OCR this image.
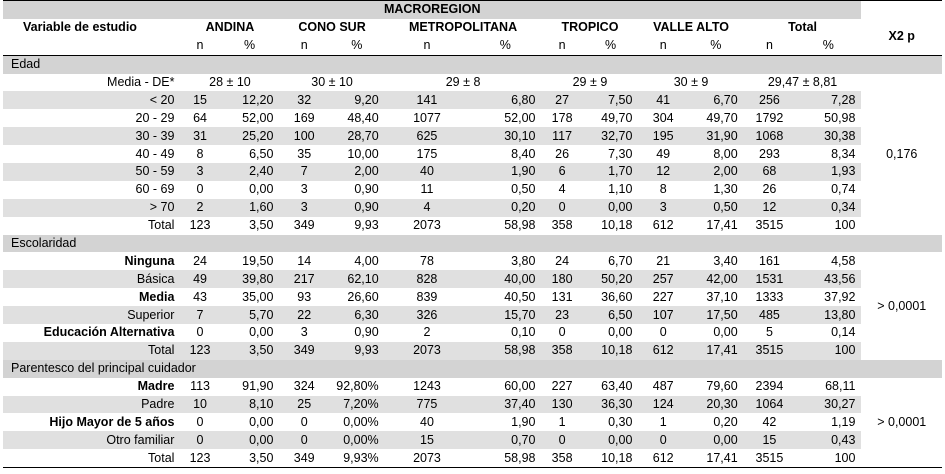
MACROREGION													
Variable de estudio	ANDINA		CONO SUR		METROPOLITANA		TROPICO		VALLE ALTO		Total		X2 p
	n	%	n	%	n	%	n	%	n	%	n	%	
Edad													
Media - DE*	28 ± 10		30 ± 10		29 ± 8		29 ± 9		30 ± 9		29,47 ± 8,81		0,176
< 20	15	12,20	32	9,20	141	6,80	27	7,50	41	6,70	256	7,28	
20 - 29	64	52,00	169	48,40	1077	52,00	178	49,70	304	49,70	1792	50,98	
30 - 39	31	25,20	100	28,70	625	30,10	117	32,70	195	31,90	1068	30,38	
40 - 49	8	6,50	35	10,00	175	8,40	26	7,30	49	8,00	293	8,34	
50 - 59	3	2,40	7	2,00	40	1,90	6	1,70	12	2,00	68	1,93	
60 - 69	0	0,00	3	0,90	11	0,50	4	1,10	8	1,30	26	0,74	
> 70	2	1,60	3	0,90	4	0,20	0	0,00	3	0,50	12	0,34	
Total	123	3,50	349	9,93	2073	58,98	358	10,18	612	17,41	3515	100	
Escolaridad													
Ninguna	24	19,50	14	4,00	78	3,80	24	6,70	21	3,40	161	4,58	> 0,0001
Básica	49	39,80	217	62,10	828	40,00	180	50,20	257	42,00	1531	43,56	
Media	43	35,00	93	26,60	839	40,50	131	36,60	227	37,10	1333	37,92	
Superior	7	5,70	22	6,30	326	15,70	23	6,50	107	17,50	485	13,80	
Educación Alternativa	0	0,00	3	0,90	2	0,10	0	0,00	0	0,00	5	0,14	
Total	123	3,50	349	9,93	2073	58,98	358	10,18	612	17,41	3515	100	
Parentesco del principal cuidador													
Madre	113	91,90	324	92,80%	1243	60,00	227	63,40	487	79,60	2394	68,11	> 0,0001
Padre	10	8,10	25	7,20%	775	37,40	130	36,30	124	20,30	1064	30,27	
Hijo Mayor de 5 años	0	0,00	0	0,00%	40	1,90	1	0,30	1	0,20	42	1,19	
Otro familiar	0	0,00	0	0,00%	15	0,70	0	0,00	0	0,00	15	0,43	
Total	123	3,50	349	9,93%	2073	58,98	358	10,18	612	17,41	3515	100	
